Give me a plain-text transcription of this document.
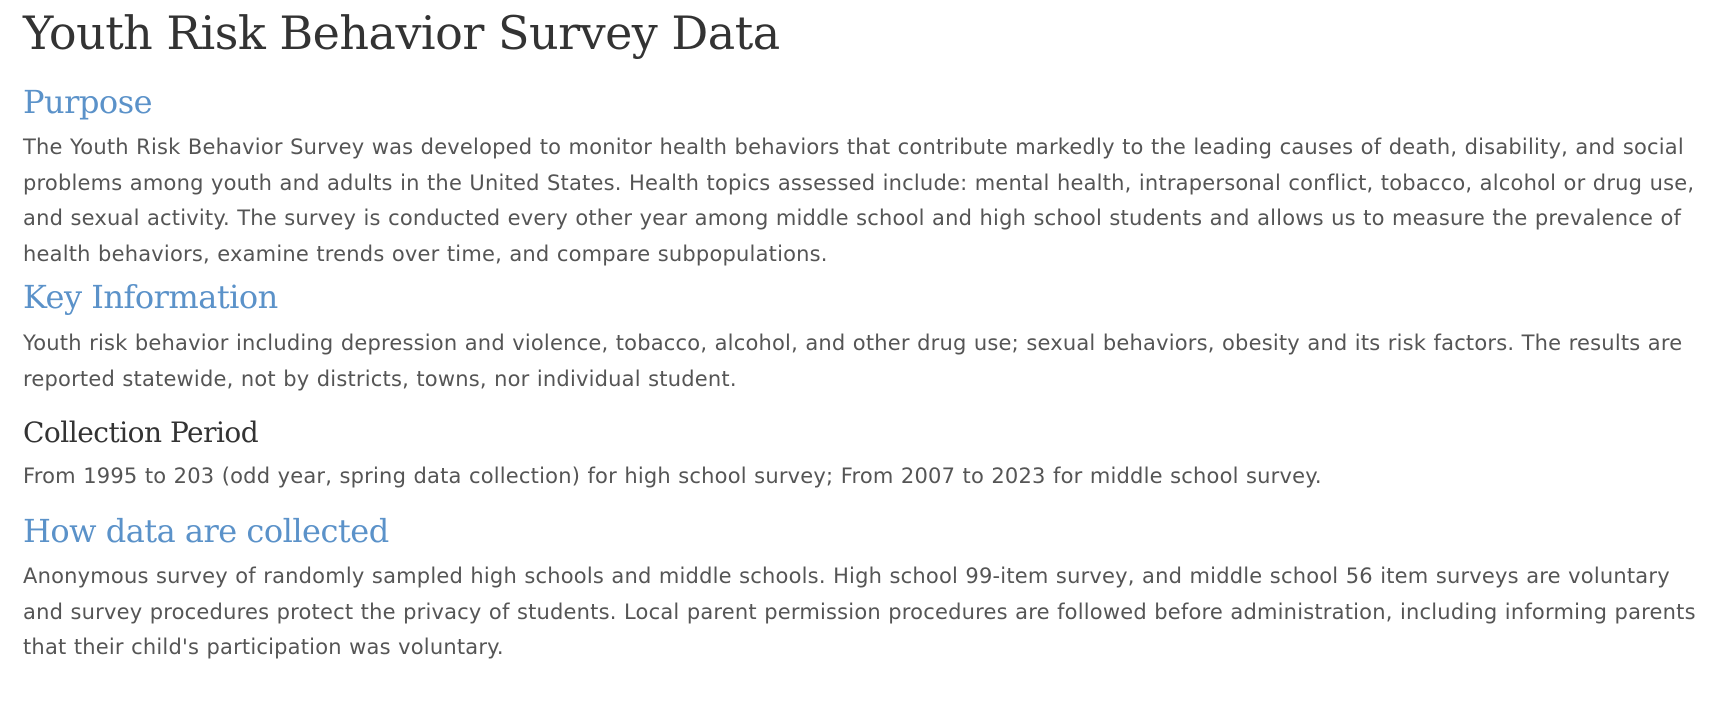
Youth Risk Behavior Survey Data
Purpose

The Youth Risk Behavior Survey was developed to monitor health behaviors that contribute markedly to the leading causes of death, disability, and social problems among youth and adults in the United States. Health topics assessed include: mental health, intrapersonal conflict, tobacco, alcohol or drug use, and sexual activity. The survey is conducted every other year among middle school and high school students and allows us to measure the prevalence of health behaviors, examine trends over time, and compare subpopulations.

Key Information

Youth risk behavior including depression and violence, tobacco, alcohol, and other drug use; sexual behaviors, obesity and its risk factors. The results are reported statewide, not by districts, towns, nor individual student.

Collection Period

From 1995 to 203 (odd year, spring data collection) for high school survey; From 2007 to 2023 for middle school survey.

How data are collected

Anonymous survey of randomly sampled high schools and middle schools. High school 99-item survey, and middle school 56 item surveys are voluntary and survey procedures protect the privacy of students. Local parent permission procedures are followed before administration, including informing parents that their child's participation was voluntary.
